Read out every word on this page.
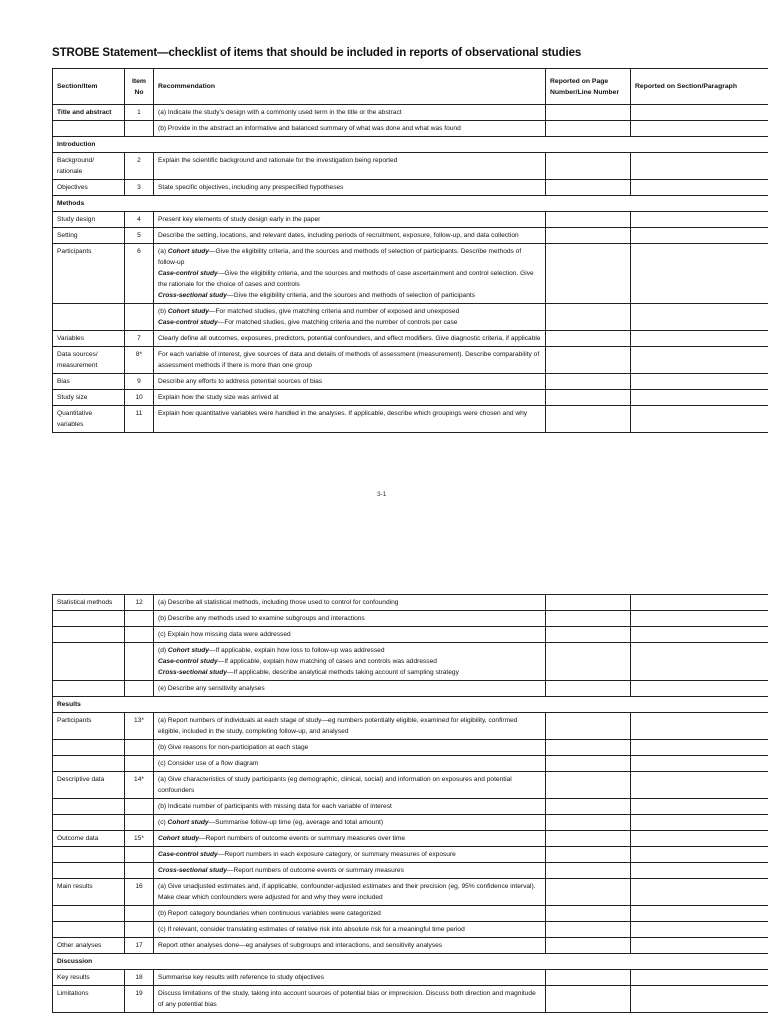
STROBE Statement—checklist of items that should be included in reports of observational studies
Section/Item	Item No	Recommendation	Reported on Page Number/Line Number	Reported on Section/Paragraph
Title and abstract	1	(a) Indicate the study’s design with a commonly used term in the title or the abstract		

		(b) Provide in the abstract an informative and balanced summary of what was done and what was found		

Introduction				
Background/ rationale	2	Explain the scientific background and rationale for the investigation being reported		

Objectives	3	State specific objectives, including any prespecified hypotheses		

Methods				
Study design	4	Present key elements of study design early in the paper		

Setting	5	Describe the setting, locations, and relevant dates, including periods of recruitment, exposure, follow-up, and data collection		

Participants	6	(a) Cohort study—Give the eligibility criteria, and the sources and methods of selection of participants. Describe methods of follow-up
Case-control study—Give the eligibility criteria, and the sources and methods of case ascertainment and control selection. Give the rationale for the choice of cases and controls
Cross-sectional study—Give the eligibility criteria, and the sources and methods of selection of participants		

		(b) Cohort study—For matched studies, give matching criteria and number of exposed and unexposed
Case-control study—For matched studies, give matching criteria and the number of controls per case		

Variables	7	Clearly define all outcomes, exposures, predictors, potential confounders, and effect modifiers. Give diagnostic criteria, if applicable		

Data sources/ measurement	8*	For each variable of interest, give sources of data and details of methods of assessment (measurement). Describe comparability of assessment methods if there is more than one group		

Bias	9	Describe any efforts to address potential sources of bias		

Study size	10	Explain how the study size was arrived at		

Quantitative variables	11	Explain how quantitative variables were handled in the analyses. If applicable, describe which groupings were chosen and why		

3-1
Statistical methods	12	(a) Describe all statistical methods, including those used to control for confounding		

		(b) Describe any methods used to examine subgroups and interactions		

		(c) Explain how missing data were addressed		

		(d) Cohort study—If applicable, explain how loss to follow-up was addressed
Case-control study—If applicable, explain how matching of cases and controls was addressed
Cross-sectional study—If applicable, describe analytical methods taking account of sampling strategy		

		(e) Describe any sensitivity analyses		

Results				
Participants	13*	(a) Report numbers of individuals at each stage of study—eg numbers potentially eligible, examined for eligibility, confirmed eligible, included in the study, completing follow-up, and analysed		

		(b) Give reasons for non-participation at each stage		

		(c) Consider use of a flow diagram		

Descriptive data	14*	(a) Give characteristics of study participants (eg demographic, clinical, social) and information on exposures and potential confounders		

		(b) Indicate number of participants with missing data for each variable of interest		

		(c) Cohort study—Summarise follow-up time (eg, average and total amount)		

Outcome data	15*	Cohort study—Report numbers of outcome events or summary measures over time		

		Case-control study—Report numbers in each exposure category, or summary measures of exposure		

		Cross-sectional study—Report numbers of outcome events or summary measures		

Main results	16	(a) Give unadjusted estimates and, if applicable, confounder-adjusted estimates and their precision (eg, 95% confidence interval). Make clear which confounders were adjusted for and why they were included		

		(b) Report category boundaries when continuous variables were categorized		

		(c) If relevant, consider translating estimates of relative risk into absolute risk for a meaningful time period		

Other analyses	17	Report other analyses done—eg analyses of subgroups and interactions, and sensitivity analyses		

Discussion				
Key results	18	Summarise key results with reference to study objectives		

Limitations	19	Discuss limitations of the study, taking into account sources of potential bias or imprecision. Discuss both direction and magnitude of any potential bias		
